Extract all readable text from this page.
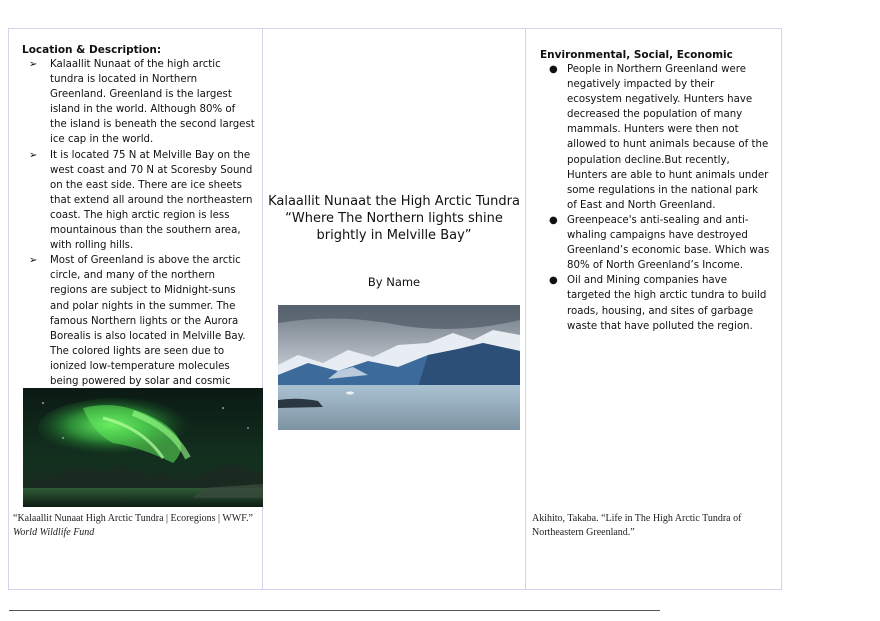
Location & Description:

➢ Kalaallit Nunaat of the high arctic tundra is located in Northern Greenland. Greenland is the largest island in the world. Although 80% of the island is beneath the second largest ice cap in the world.
➢ It is located 75 N at Melville Bay on the west coast and 70 N at Scoresby Sound on the east side. There are ice sheets that extend all around the northeastern coast. The high arctic region is less mountainous than the southern area, with rolling hills.
➢ Most of Greenland is above the arctic circle, and many of the northern regions are subject to Midnight-suns and polar nights in the summer. The famous Northern lights or the Aurora Borealis is also located in Melville Bay. The colored lights are seen due to ionized low-temperature molecules being powered by solar and cosmic
“Kalaallit Nunaat High Arctic Tundra | Ecoregions | WWF.”
World Wildlife Fund
Kalaallit Nunaat the High Arctic Tundra
“Where The Northern lights shine brightly in Melville Bay”
By Name

Environmental, Social, Economic

● People in Northern Greenland were negatively impacted by their ecosystem negatively. Hunters have decreased the population of many mammals. Hunters were then not allowed to hunt animals because of the population decline.But recently, Hunters are able to hunt animals under some regulations in the national park of East and North Greenland.
● Greenpeace's anti-sealing and anti-whaling campaigns have destroyed Greenland’s economic base. Which was 80% of North Greenland’s Income.
● Oil and Mining companies have targeted the high arctic tundra to build roads, housing, and sites of garbage waste that have polluted the region.
Akihito, Takaba. “Life in The High Arctic Tundra of Northeastern Greenland.”
